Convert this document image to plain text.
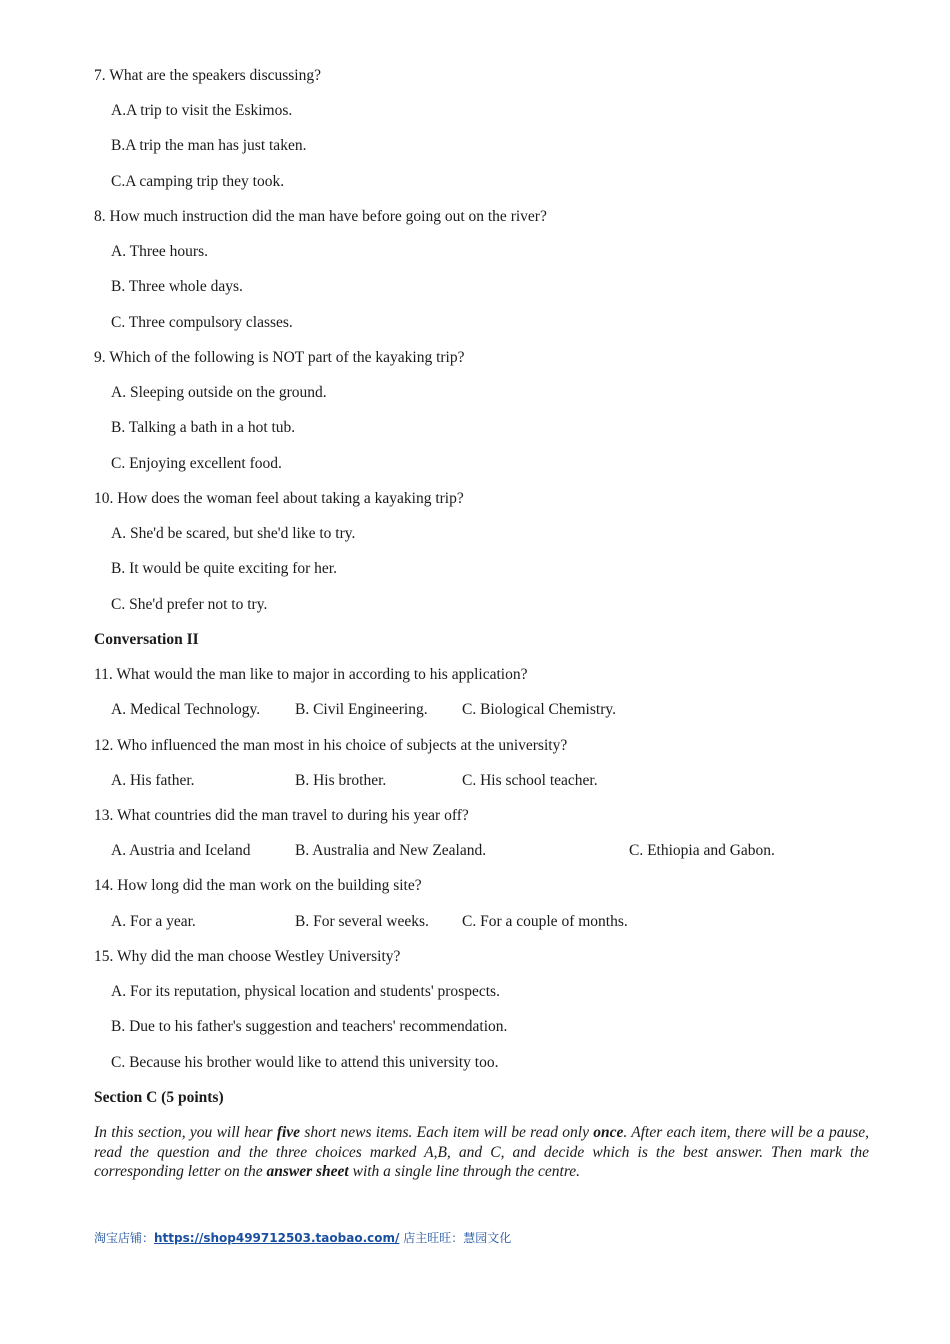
7. What are the speakers discussing?
A.A trip to visit the Eskimos.
B.A trip the man has just taken.
C.A camping trip they took.
8. How much instruction did the man have before going out on the river?
A. Three hours.
B. Three whole days.
C. Three compulsory classes.
9. Which of the following is NOT part of the kayaking trip?
A. Sleeping outside on the ground.
B. Talking a bath in a hot tub.
C. Enjoying excellent food.
10. How does the woman feel about taking a kayaking trip?
A. She'd be scared, but she'd like to try.
B. It would be quite exciting for her.
C. She'd prefer not to try.
Conversation II
11. What would the man like to major in according to his application?
A. Medical Technology. B. Civil Engineering. C. Biological Chemistry.
12. Who influenced the man most in his choice of subjects at the university?
A. His father.	B. His brother.	C. His school teacher.
13. What countries did the man travel to during his year off?
A. Austria and Iceland	B. Australia and New Zealand.	C. Ethiopia and Gabon.
14. How long did the man work on the building site?
A. For a year.	B. For several weeks. C. For a couple of months.
15. Why did the man choose Westley University?
A. For its reputation, physical location and students' prospects.
B. Due to his father's suggestion and teachers' recommendation.
C. Because his brother would like to attend this university too.
Section C (5 points)
In this section, you will hear five short news items. Each item will be read only once. After each item, there will be a pause, read the question and the three choices marked A,B, and C, and decide which is the best answer. Then mark the corresponding letter on the answer sheet with a single line through the centre.
淘宝店铺：https://shop499712503.taobao.com/ 店主旺旺：慧园文化
